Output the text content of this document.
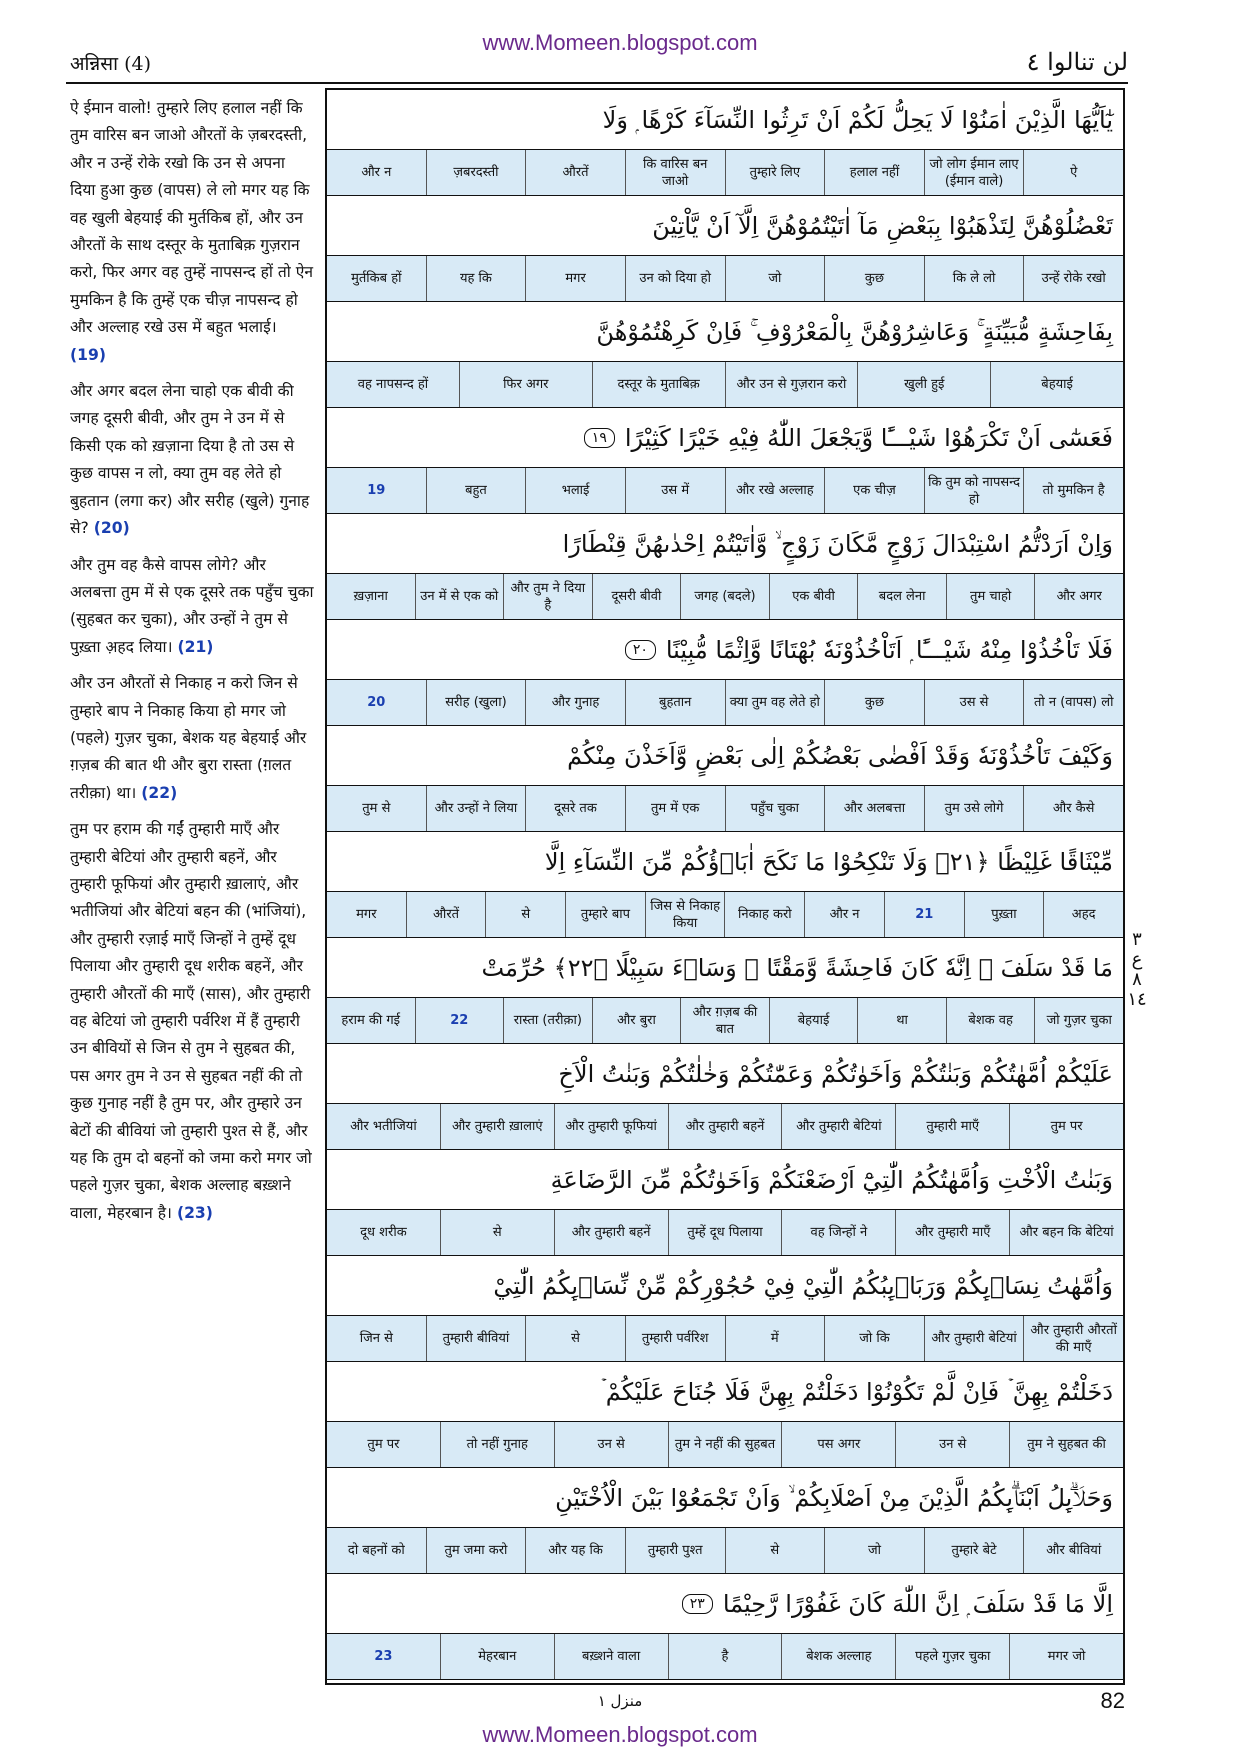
www.Momeen.blogspot.com
अन्निसा (4)	لن تنالوا ٤

ऐ ईमान वालो! तुम्हारे लिए हलाल नहीं कि तुम वारिस बन जाओ औरतों के ज़बरदस्ती, और न उन्हें रोके रखो कि उन से अपना दिया हुआ कुछ (वापस) ले लो मगर यह कि वह खुली बेहयाई की मुर्तकिब हों, और उन औरतों के साथ दस्तूर के मुताबिक़ गुज़रान करो, फिर अगर वह तुम्हें नापसन्द हों तो ऐन मुमकिन है कि तुम्हें एक चीज़ नापसन्द हो और अल्लाह रखे उस में बहुत भलाई। (19)

और अगर बदल लेना चाहो एक बीवी की जगह दूसरी बीवी, और तुम ने उन में से किसी एक को ख़ज़ाना दिया है तो उस से कुछ वापस न लो, क्या तुम वह लेते हो बुहतान (लगा कर) और सरीह (खुले) गुनाह से? (20)

और तुम वह कैसे वापस लोगे? और अलबत्ता तुम में से एक दूसरे तक पहुँच चुका (सुहबत कर चुका), और उन्हों ने तुम से पुख़्ता अ़हद लिया। (21)

और उन औरतों से निकाह न करो जिन से तुम्हारे बाप ने निकाह किया हो मगर जो (पहले) गुज़र चुका, बेशक यह बेहयाई और ग़ज़ब की बात थी और बुरा रास्ता (ग़लत तरीक़ा) था। (22)

तुम पर हराम की गईं तुम्हारी माएँ और तुम्हारी बेटियां और तुम्हारी बहनें, और तुम्हारी फूफियां और तुम्हारी ख़ालाएं, और भतीजियां और बेटियां बहन की (भांजियां), और तुम्हारी रज़ाई माएँ जिन्हों ने तुम्हें दूध पिलाया और तुम्हारी दूध शरीक बहनें, और तुम्हारी औरतों की माएँ (सास), और तुम्हारी वह बेटियां जो तुम्हारी पर्वरिश में हैं तुम्हारी उन बीवियों से जिन से तुम ने सुहबत की, पस अगर तुम ने उन से सुहबत नहीं की तो कुछ गुनाह नहीं है तुम पर, और तुम्हारे उन बेटों की बीवियां जो तुम्हारी पुश्त से हैं, और यह कि तुम दो बहनों को जमा करो मगर जो पहले गुज़र चुका, बेशक अल्लाह बख़्शने वाला, मेहरबान है। (23)

يٰٓاَيُّهَا الَّذِيْنَ اٰمَنُوْا لَا يَحِلُّ لَكُمْ اَنْ تَرِثُوا النِّسَآءَ كَرْهًا ۭ وَلَا
ऐ
जो लोग ईमान लाए (ईमान वाले)
हलाल नहीं
तुम्हारे लिए
कि वारिस बन जाओ
औरतें
ज़बरदस्ती
और न
تَعْضُلُوْهُنَّ لِتَذْهَبُوْا بِبَعْضِ مَآ اٰتَيْتُمُوْهُنَّ اِلَّآ اَنْ يَّاْتِيْنَ
उन्हें रोके रखो
कि ले लो
कुछ
जो
उन को दिया हो
मगर
यह कि
मुर्तकिब हों
بِفَاحِشَةٍ مُّبَيِّنَةٍ ۚ وَعَاشِرُوْهُنَّ بِالْمَعْرُوْفِ ۚ فَاِنْ كَرِهْتُمُوْهُنَّ
बेहयाई
खुली हुई
और उन से गुज़रान करो
दस्तूर के मुताबिक़
फिर अगर
वह नापसन्द हों
فَعَسٰٓى اَنْ تَكْرَهُوْا شَيْـــًٔا وَّيَجْعَلَ اللّٰهُ فِيْهِ خَيْرًا كَثِيْرًا
١٩
तो मुमकिन है
कि तुम को नापसन्द हो
एक चीज़
और रखे अल्लाह
उस में
भलाई
बहुत
19
وَاِنْ اَرَدْتُّمُ اسْتِبْدَالَ زَوْجٍ مَّكَانَ زَوْجٍ ۙ وَّاٰتَيْتُمْ اِحْدٰىهُنَّ قِنْطَارًا
और अगर
तुम चाहो
बदल लेना
एक बीवी
जगह (बदले)
दूसरी बीवी
और तुम ने दिया है
उन में से एक को
ख़ज़ाना
فَلَا تَاْخُذُوْا مِنْهُ شَيْـــًٔا ۭ اَتَاْخُذُوْنَهٗ بُهْتَانًا وَّاِثْمًا مُّبِيْنًا
٢٠
तो न (वापस) लो
उस से
कुछ
क्या तुम वह लेते हो
बुहतान
और गुनाह
सरीह (खुला)
20
وَكَيْفَ تَاْخُذُوْنَهٗ وَقَدْ اَفْضٰى بَعْضُكُمْ اِلٰى بَعْضٍ وَّاَخَذْنَ مِنْكُمْ
और कैसे
तुम उसे लोगे
और अलबत्ता
पहुँच चुका
तुम में एक
दूसरे तक
और उन्हों ने लिया
तुम से
مِّيْثَاقًا غَلِيْظًا ﴿٢١﴾ وَلَا تَنْكِحُوْا مَا نَكَحَ اٰبَاۗؤُكُمْ مِّنَ النِّسَآءِ اِلَّا
अहद
पुख़्ता
21
और न
निकाह करो
जिस से निकाह किया
तुम्हारे बाप
से
औरतें
मगर
مَا قَدْ سَلَفَ ۭ اِنَّهٗ كَانَ فَاحِشَةً وَّمَقْتًا ۭ وَسَاۗءَ سَبِيْلًا ﴿٢٢﴾ حُرِّمَتْ
जो गुज़र चुका
बेशक वह
था
बेहयाई
और ग़ज़ब की बात
और बुरा
रास्ता (तरीक़ा)
22
हराम की गई
عَلَيْكُمْ اُمَّهٰتُكُمْ وَبَنٰتُكُمْ وَاَخَوٰتُكُمْ وَعَمّٰتُكُمْ وَخٰلٰتُكُمْ وَبَنٰتُ الْاَخِ
तुम पर
तुम्हारी माएँ
और तुम्हारी बेटियां
और तुम्हारी बहनें
और तुम्हारी फूफियां
और तुम्हारी ख़ालाएं
और भतीजियां
وَبَنٰتُ الْاُخْتِ وَاُمَّهٰتُكُمُ الّٰتِيْٓ اَرْضَعْنَكُمْ وَاَخَوٰتُكُمْ مِّنَ الرَّضَاعَةِ
और बहन कि बेटियां
और तुम्हारी माएँ
वह जिन्हों ने
तुम्हें दूध पिलाया
और तुम्हारी बहनें
से
दूध शरीक
وَاُمَّهٰتُ نِسَاۗىِٕكُمْ وَرَبَاۗىِٕبُكُمُ الّٰتِيْ فِيْ حُجُوْرِكُمْ مِّنْ نِّسَاۗىِٕكُمُ الّٰتِيْ
और तुम्हारी औरतों की माएँ
और तुम्हारी बेटियां
जो कि
में
तुम्हारी पर्वरिश
से
तुम्हारी बीवियां
जिन से
دَخَلْتُمْ بِهِنَّ ۡ فَاِنْ لَّمْ تَكُوْنُوْا دَخَلْتُمْ بِهِنَّ فَلَا جُنَاحَ عَلَيْكُمْ ۡ
तुम ने सुहबत की
उन से
पस अगर
तुम ने नहीं की सुहबत
उन से
तो नहीं गुनाह
तुम पर
وَحَلَاۗىِٕلُ اَبْنَاۗىِٕكُمُ الَّذِيْنَ مِنْ اَصْلَابِكُمْ ۙ وَاَنْ تَجْمَعُوْا بَيْنَ الْاُخْتَيْنِ
और बीवियां
तुम्हारे बेटे
जो
से
तुम्हारी पुश्त
और यह कि
तुम जमा करो
दो बहनों को
اِلَّا مَا قَدْ سَلَفَ ۭ اِنَّ اللّٰهَ كَانَ غَفُوْرًا رَّحِيْمًا
٢٣
मगर जो
पहले गुज़र चुका
बेशक अल्लाह
है
बख़्शने वाला
मेहरबान
23
٣
ع
٨
١٤
منزل ۱	82
www.Momeen.blogspot.com
